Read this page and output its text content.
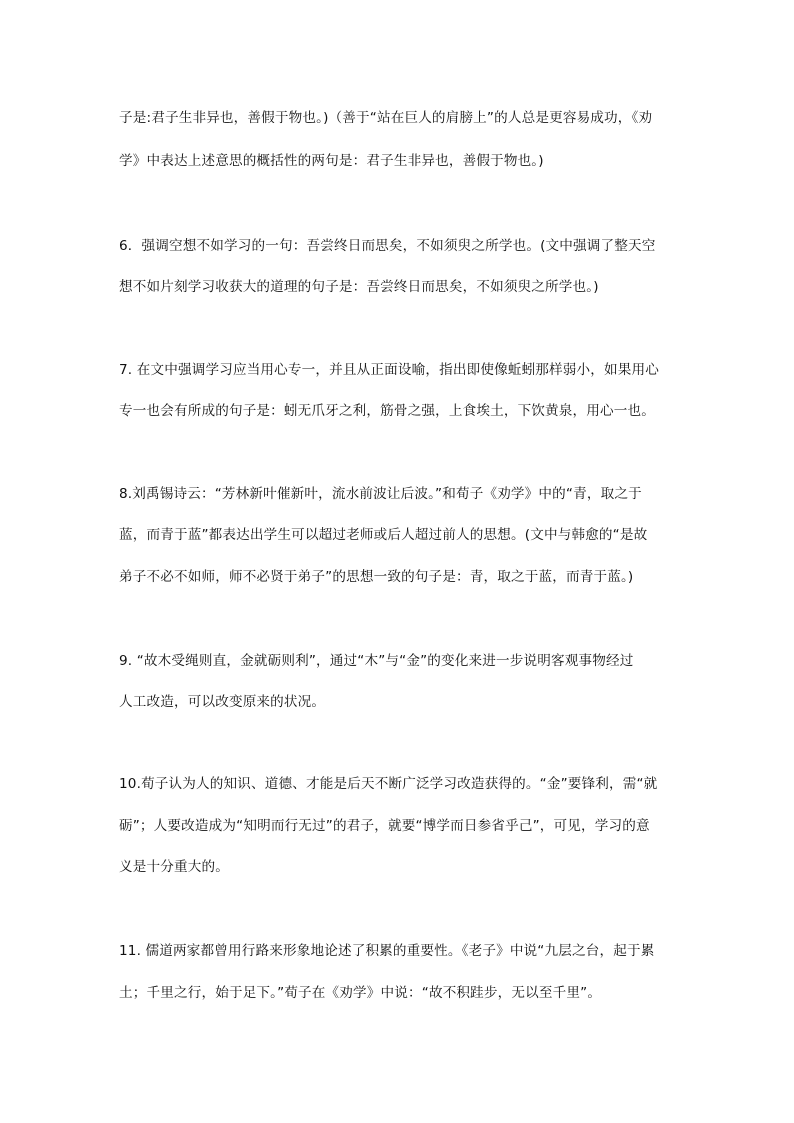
子是:君子生非异也，善假于物也。)（善于“站在巨人的肩膀上”的人总是更容易成功，《劝
学》中表达上述意思的概括性的两句是：君子生非异也，善假于物也。)
6．强调空想不如学习的一句：吾尝终日而思矣，不如须臾之所学也。(文中强调了整天空
想不如片刻学习收获大的道理的句子是：吾尝终日而思矣，不如须臾之所学也。)
7. 在文中强调学习应当用心专一，并且从正面设喻，指出即使像蚯蚓那样弱小，如果用心
专一也会有所成的句子是：蚓无爪牙之利，筋骨之强，上食埃土，下饮黄泉，用心一也。
8.刘禹锡诗云：“芳林新叶催新叶，流水前波让后波。”和荀子《劝学》中的“青，取之于
蓝，而青于蓝”都表达出学生可以超过老师或后人超过前人的思想。(文中与韩愈的“是故
弟子不必不如师，师不必贤于弟子”的思想一致的句子是：青，取之于蓝，而青于蓝。)
9. “故木受绳则直，金就砺则利”，通过“木”与“金”的变化来进一步说明客观事物经过
人工改造，可以改变原来的状况。
10.荀子认为人的知识、道德、才能是后天不断广泛学习改造获得的。“金”要锋利，需“就
砺”；人要改造成为“知明而行无过”的君子，就要“博学而日参省乎己”，可见，学习的意
义是十分重大的。
11. 儒道两家都曾用行路来形象地论述了积累的重要性。《老子》中说“九层之台，起于累
土；千里之行，始于足下。”荀子在《劝学》中说：“故不积跬步，无以至千里”。
